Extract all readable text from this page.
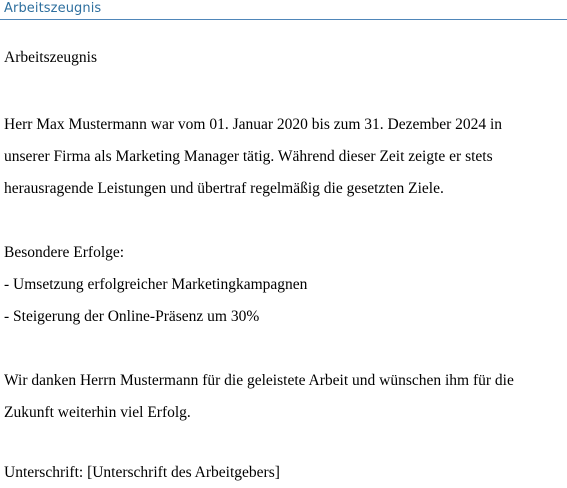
Arbeitszeugnis
Arbeitszeugnis
Herr Max Mustermann war vom 01. Januar 2020 bis zum 31. Dezember 2024 in
unserer Firma als Marketing Manager tätig. Während dieser Zeit zeigte er stets
herausragende Leistungen und übertraf regelmäßig die gesetzten Ziele.
Besondere Erfolge:
- Umsetzung erfolgreicher Marketingkampagnen
- Steigerung der Online-Präsenz um 30%
Wir danken Herrn Mustermann für die geleistete Arbeit und wünschen ihm für die
Zukunft weiterhin viel Erfolg.
Unterschrift: [Unterschrift des Arbeitgebers]
